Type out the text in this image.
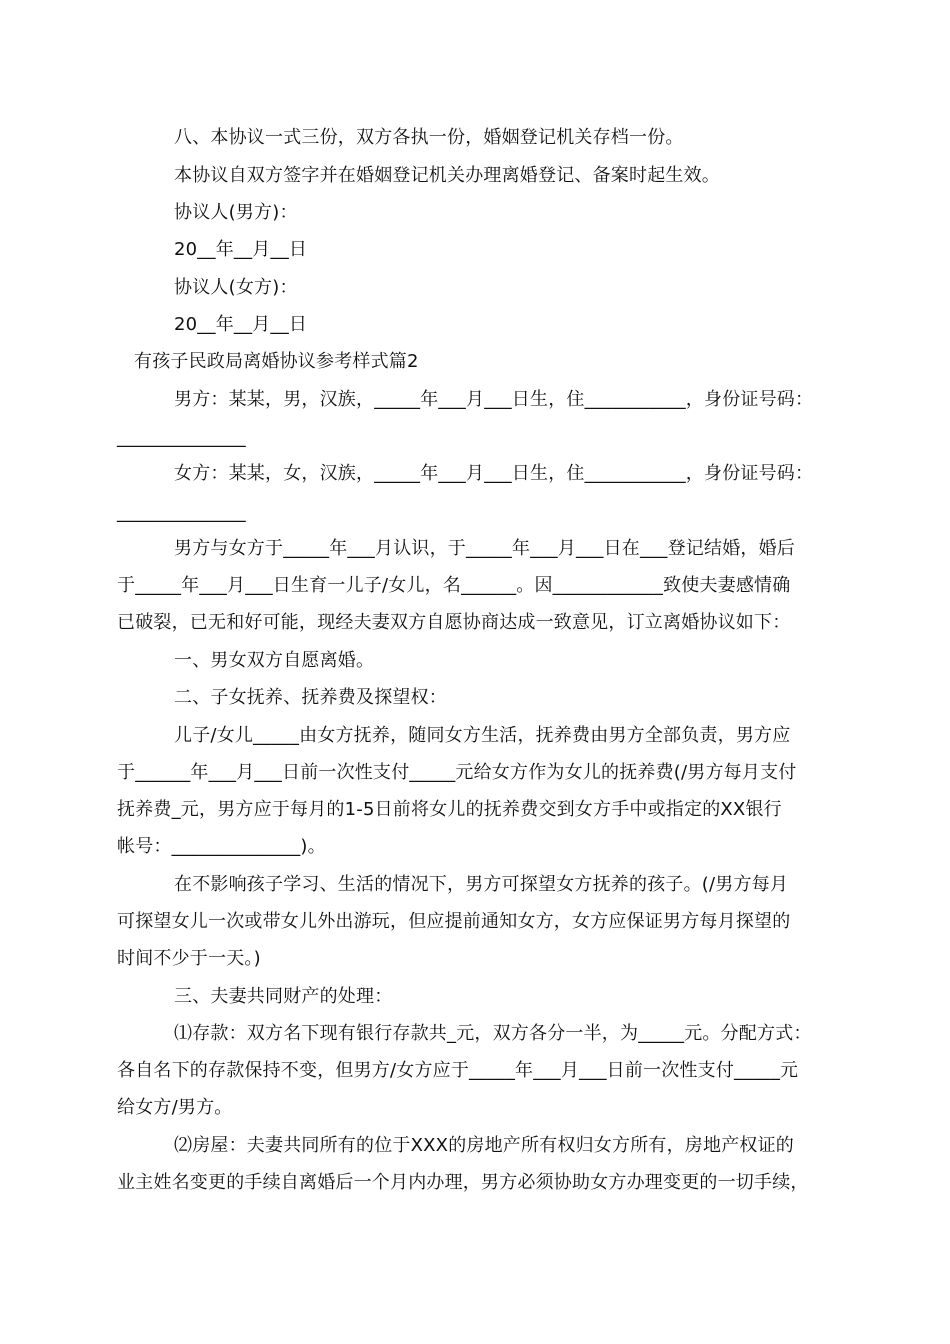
八、本协议一式三份，双方各执一份，婚姻登记机关存档一份。
本协议自双方签字并在婚姻登记机关办理离婚登记、备案时起生效。
协议人(男方)：
20__年__月__日
协议人(女方)：
20__年__月__日
有孩子民政局离婚协议参考样式篇2
男方：某某，男，汉族，_____年___月___日生，住___________，身份证号码：
______________
女方：某某，女，汉族，_____年___月___日生，住___________，身份证号码：
______________
男方与女方于_____年___月认识，于_____年___月___日在___登记结婚，婚后
于_____年___月___日生育一儿子/女儿，名______。因____________致使夫妻感情确
已破裂，已无和好可能，现经夫妻双方自愿协商达成一致意见，订立离婚协议如下：
一、男女双方自愿离婚。
二、子女抚养、抚养费及探望权：
儿子/女儿_____由女方抚养，随同女方生活，抚养费由男方全部负责，男方应
于______年___月___日前一次性支付_____元给女方作为女儿的抚养费(/男方每月支付
抚养费_元，男方应于每月的1-5日前将女儿的抚养费交到女方手中或指定的XX银行
帐号：______________)。
在不影响孩子学习、生活的情况下，男方可探望女方抚养的孩子。(/男方每月
可探望女儿一次或带女儿外出游玩，但应提前通知女方，女方应保证男方每月探望的
时间不少于一天。)
三、夫妻共同财产的处理：
⑴存款：双方名下现有银行存款共_元，双方各分一半，为_____元。分配方式：
各自名下的存款保持不变，但男方/女方应于_____年___月___日前一次性支付_____元
给女方/男方。
⑵房屋：夫妻共同所有的位于XXX的房地产所有权归女方所有，房地产权证的
业主姓名变更的手续自离婚后一个月内办理，男方必须协助女方办理变更的一切手续，
